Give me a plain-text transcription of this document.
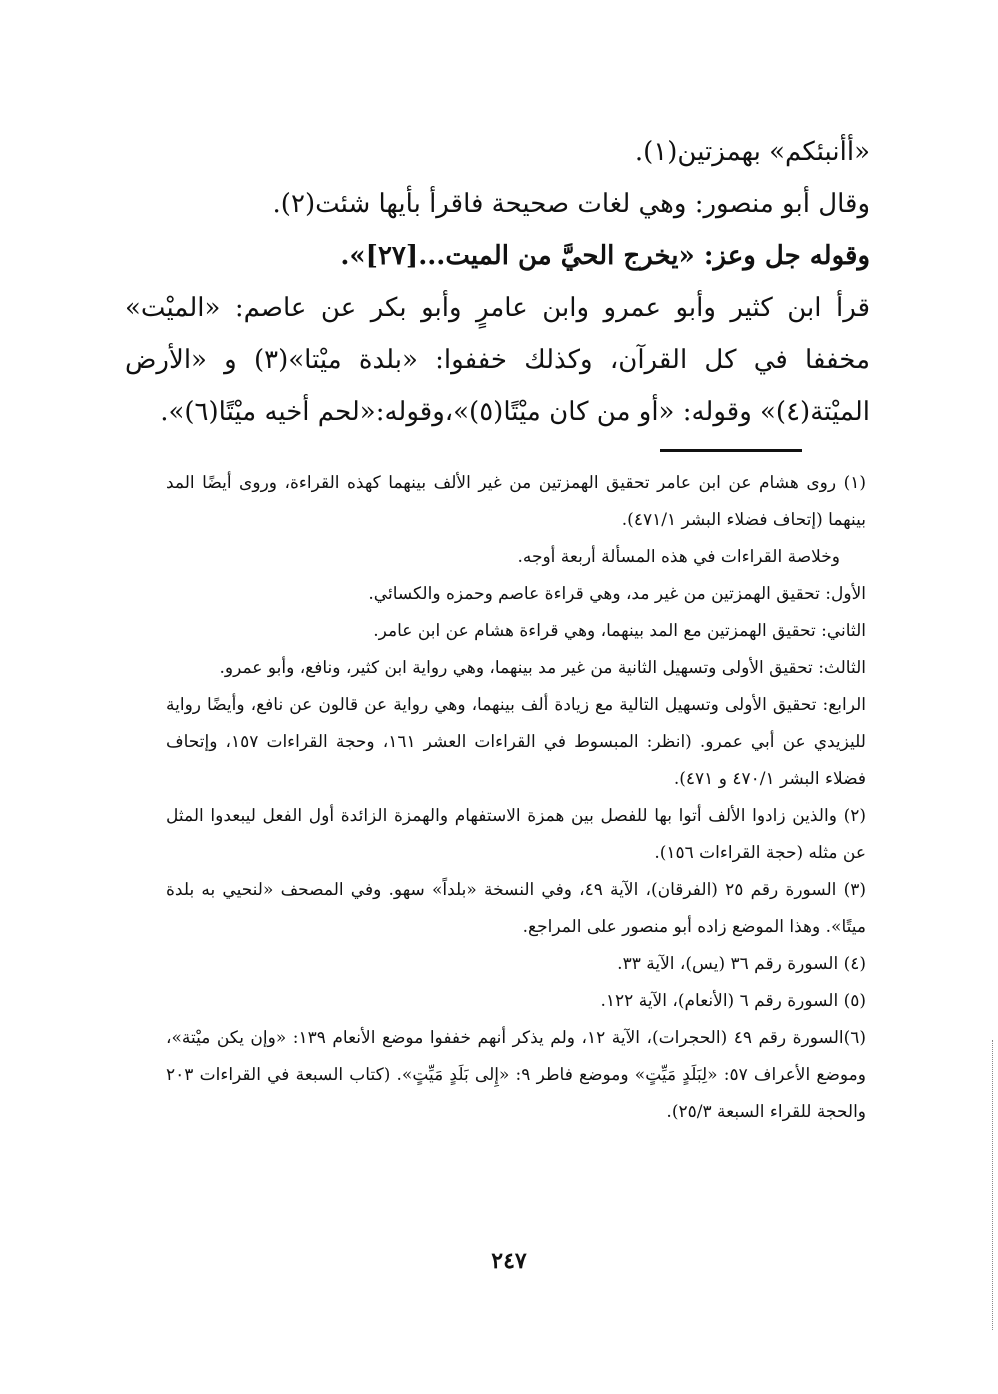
«أأنبئكم» بهمزتين(١).

وقال أبو منصور: وهي لغات صحيحة فاقرأ بأيها شئت(٢).

وقوله جل وعز: «يخرج الحيَّ من الميت...[٢٧]».

قرأ ابن كثير وأبو عمرو وابن عامرٍ وأبو بكر عن عاصم: «الميْت» مخففا في كل القرآن، وكذلك خففوا: «بلدة ميْتا»(٣) و «الأرض الميْتة(٤)» وقوله: «أو من كان ميْتًا(٥)»،وقوله:«لحم أخيه ميْتًا(٦)».

(١) روى هشام عن ابن عامر تحقيق الهمزتين من غير الألف بينهما كهذه القراءة، وروى أيضًا المد بينهما (إتحاف فضلاء البشر ٤٧١/١).

وخلاصة القراءات في هذه المسألة أربعة أوجه.

الأول: تحقيق الهمزتين من غير مد، وهي قراءة عاصم وحمزه والكسائي.

الثاني: تحقيق الهمزتين مع المد بينهما، وهي قراءة هشام عن ابن عامر.

الثالث: تحقيق الأولى وتسهيل الثانية من غير مد بينهما، وهي رواية ابن كثير، ونافع، وأبو عمرو.

الرابع: تحقيق الأولى وتسهيل التالية مع زيادة ألف بينهما، وهي رواية عن قالون عن نافع، وأيضًا رواية لليزيدي عن أبي عمرو. (انظر: المبسوط في القراءات العشر ١٦١، وحجة القراءات ١٥٧، وإتحاف فضلاء البشر ٤٧٠/١ و ٤٧١).

(٢) والذين زادوا الألف أتوا بها للفصل بين همزة الاستفهام والهمزة الزائدة أول الفعل ليبعدوا المثل عن مثله (حجة القراءات ١٥٦).

(٣) السورة رقم ٢٥ (الفرقان)، الآية ٤٩، وفي النسخة «بلداً» سهو. وفي المصحف «لنحيي به بلدة ميتًا». وهذا الموضع زاده أبو منصور على المراجع.

(٤) السورة رقم ٣٦ (يس)، الآية ٣٣.

(٥) السورة رقم ٦ (الأنعام)، الآية ١٢٢.

(٦)السورة رقم ٤٩ (الحجرات)، الآية ١٢، ولم يذكر أنهم خففوا موضع الأنعام ١٣٩: «وإن يكن ميْتة»، وموضع الأعراف ٥٧: «لِبَلَدٍ مَيِّتٍ» وموضع فاطر ٩: «إِلى بَلَدٍ مَيِّتٍ». (كتاب السبعة في القراءات ٢٠٣ والحجة للقراء السبعة ٢٥/٣).

٢٤٧
